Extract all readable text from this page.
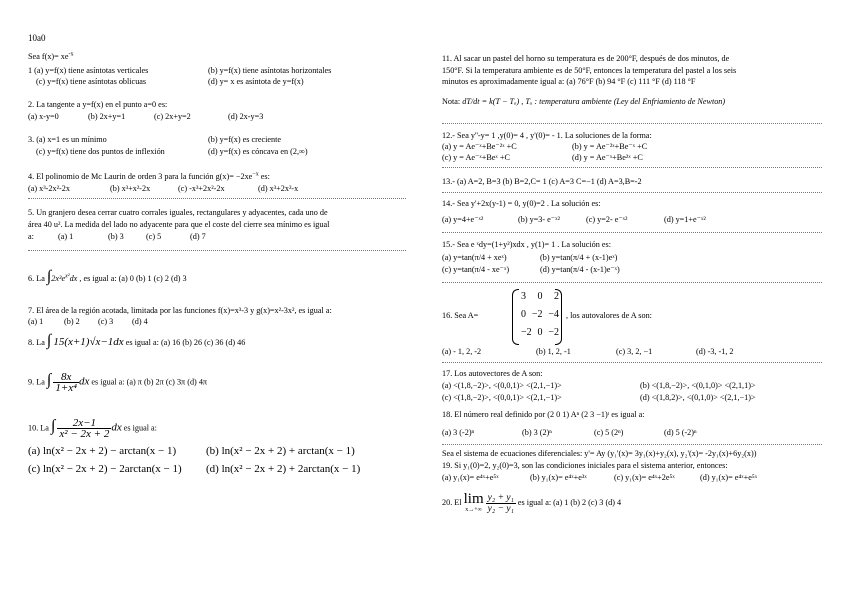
10a0
Sea $f(x)= xe^{-x}$
1 (a) y=f(x) tiene asíntotas verticales	(b) y=f(x) tiene asíntotas horizontales
(c) y=f(x) tiene asíntotas oblicuas	(d) y= x es asíntota de y=f(x)
2. La tangente a y=f(x) en el punto a=0 es:
(a) x-y=0	(b) 2x+y=1	(c) 2x+y=2	(d) 2x-y=3
3. (a) x=1 es un mínimo	(b) y=f(x) es creciente
(c) y=f(x) tiene dos puntos de inflexión	(d) y=f(x) es cóncava en (2,∞)
4. El polinomio de Mc Laurin de orden 3 para la función $g(x)= -2xe^{-x}$ es:
(a) x³-2x²-2x	(b) x³+x²-2x	(c) -x³+2x²-2x	(d) x³+2x²-x
5. Un granjero desea cerrar cuatro corrales iguales, rectangulares y adyacentes, cada uno de
área 40 u². La medida del lado no adyacente para que el coste del cierre sea mínimo es igual
a:	(a) 1	(b) 3	(c) 5	(d) 7
6. La $\int 2x^3e^{x^2}dx$ , es igual a: (a) 0 (b) 1 (c) 2 (d) 3
7. El área de la región acotada, limitada por las funciones f(x)=x³-3 y g(x)=x²-3x², es igual a:
(a) 1	(b) 2 (c) 3 (d) 4
8. La ∫ 15(x+1)√x−1dx es igual a: (a) 16 (b) 26 (c) 36 (d) 46
9. La ∫ $\frac{8x}{\text{1+x⁴}}$ dx es igual a: (a) π (b) 2π (c) 3π (d) 4π
10. La ∫ $\frac{2x-1}{\text{x² − 2x + 2}}$ dx es igual a:
(a) ln(x² − 2x + 2) − arctan(x − 1)	(b) ln(x² − 2x + 2) + arctan(x − 1)
(c) ln(x² − 2x + 2) − 2arctan(x − 1) (d) ln(x² − 2x + 2) + 2arctan(x − 1)
11. Al sacar un pastel del horno su temperatura es de 200°F, después de dos minutos, de
150°F. Si la temperatura ambiente es de 50°F, entonces la temperatura del pastel a los seis
minutos es aproximadamente igual a: (a) 76°F (b) 94 °F (c) 111 °F (d) 118 °F
Nota: dT/dt = k(T − Tₐ) , Tₐ : temperatura ambiente (Ley del Enfriamiento de Newton)
12.- Sea y''-y= 1 ,y(0)= 4 , y'(0)= - 1. La soluciones de la forma:
(a) y = Ae⁻ˣ+Be⁻²ˣ +C	(b) y = Ae⁻²ˣ+Be⁻ˣ +C
(c) y = Ae⁻ˣ+Beˣ +C	(d) y = Ae⁻ˣ+Be²ˣ +C
13.- (a) A=2, B=3 (b) B=2,C= 1 (c) A=3 C=−1 (d) A=3,B=-2
14.- Sea y'+2x(y-1) = 0, y(0)=2 . La solución es:
(a) y=4+e⁻ˣ²	(b) y=3- e⁻ˣ²	(c) y=2- e⁻ˣ²	(d) y=1+e⁻ˣ²
15.- Sea e ˣdy=(1+y²)xdx , y(1)= 1 . La solución es:
(a) y=tan(π/4 + xeˣ)	(b) y=tan(π/4 + (x-1)eˣ)
(c) y=tan(π/4 - xe⁻ˣ)	(d) y=tan(π/4 - (x-1)e⁻ˣ)
16. Sea A=
3 0 2
0 −2 −4
−2 0 −2
, los autovalores de A son:
(a) - 1, 2, -2	(b) 1, 2, -1	(c) 3, 2, −1	(d) -3, -1, 2
17. Los autovectores de A son:
(a) <(1,8,−2)>, <(0,0,1)> <(2,1,−1)>	(b) <(1,8,−2)>, <(0,1,0)> <(2,1,1)>
(c) <(1,8,−2)>, <(0,0,1)> <(2,1,−1)>	(d) <(1,8,2)>, <(0,1,0)> <(2,1,−1)>
18. El número real definido por (2 0 1) Aⁿ (2 3 −1)ᵗ es igual a:
(a) 3 (-2)ⁿ	(b) 3 (2)ⁿ	(c) 5 (2ⁿ)	(d) 5 (-2)ⁿ
Sea el sistema de ecuaciones diferenciales: y'= Ay (y₁'(x)= 3y₁(x)+y₂(x), y₂'(x)= -2y₁(x)+6y₂(x))
19. Si y₁(0)=2, y₂(0)=3, son las condiciones iniciales para el sistema anterior, entonces:
(a) y₁(x)= e⁴ˣ+e⁵ˣ	(b) y₁(x)= e⁴ˣ+e³ˣ	(c) y₁(x)= e⁴ˣ+2e⁵ˣ	(d) y₁(x)= e⁴ˣ+e⁵ˣ
20. El lim
x→+∞
$\frac{\text{y₂ + y₁}}{\text{y₂ − y₁}}$ es igual a: (a) 1 (b) 2 (c) 3 (d) 4
